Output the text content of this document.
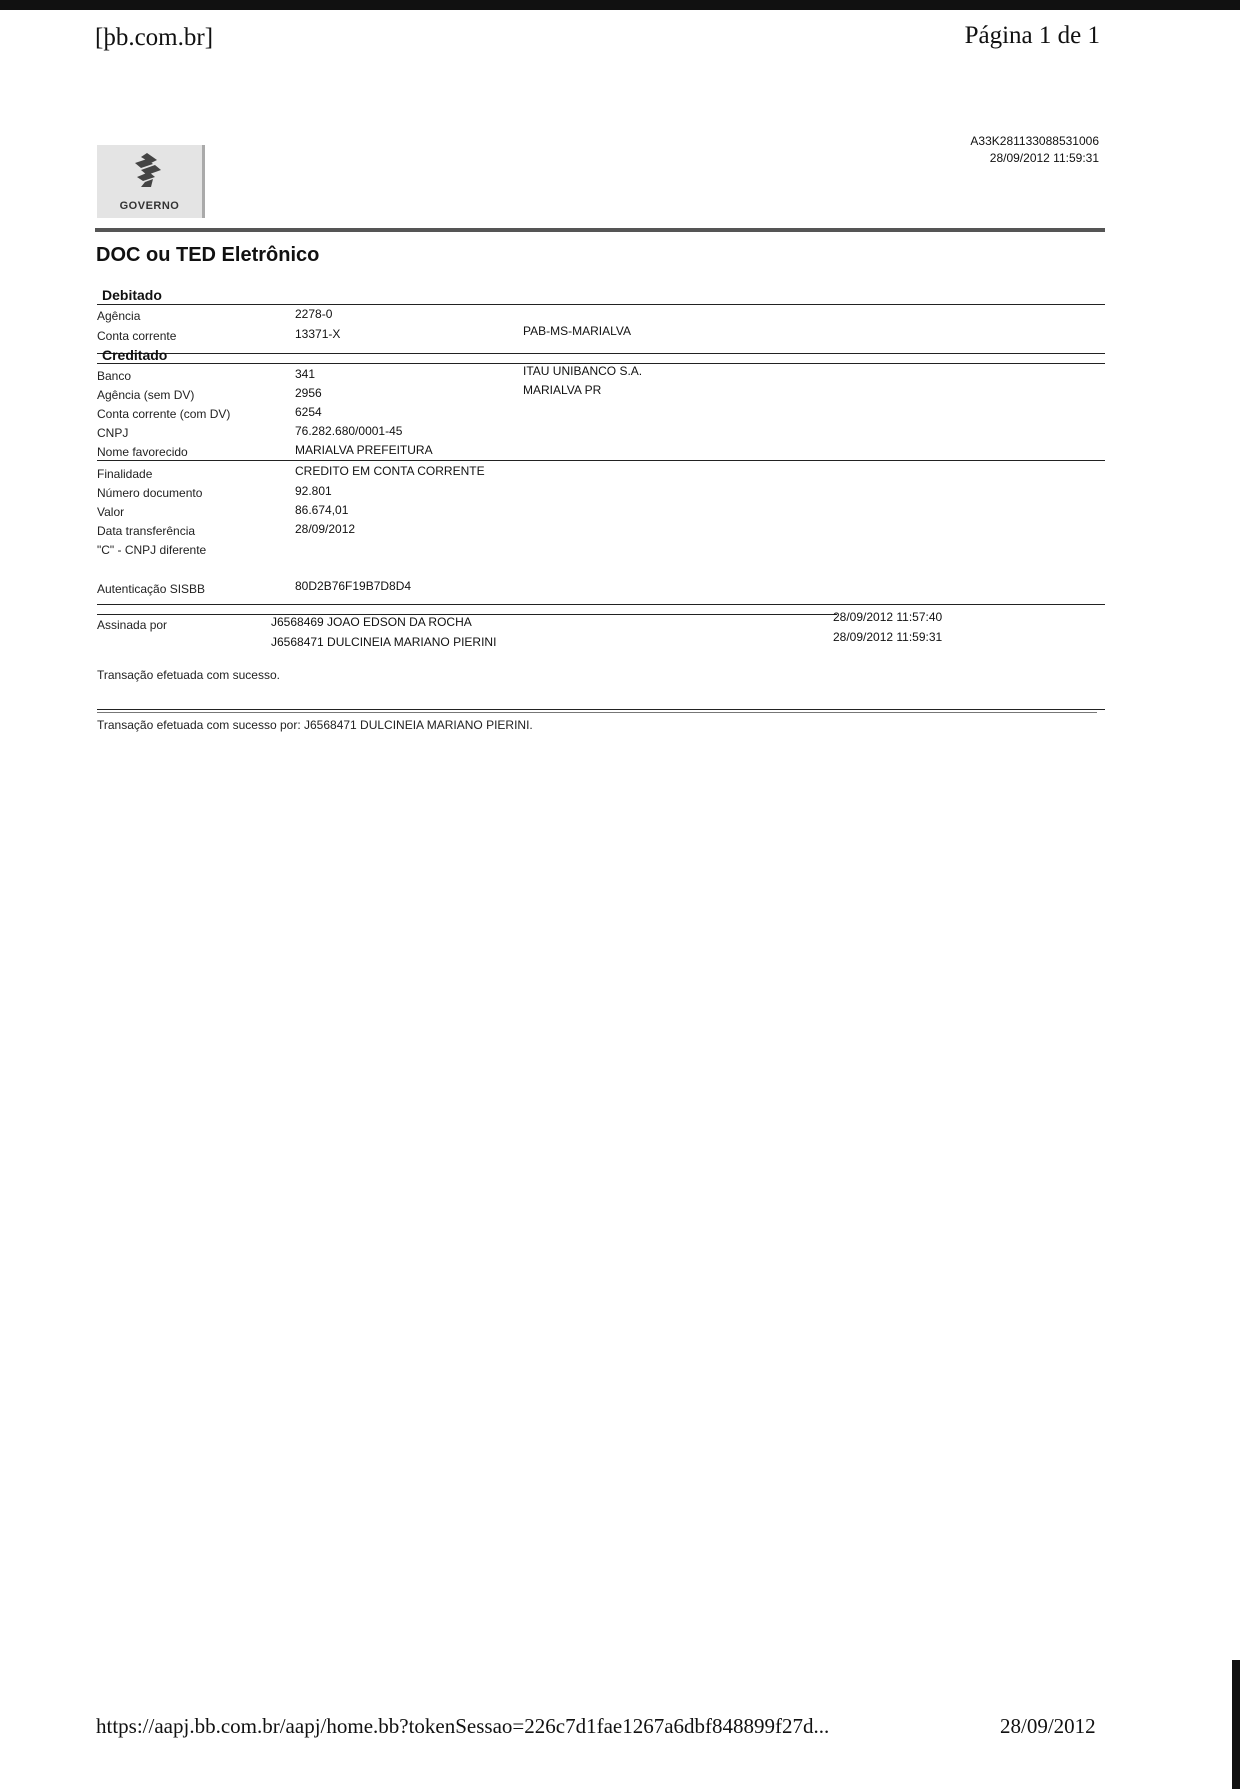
[þb.com.br]	Página 1 de 1
GOVERNO
A33K281133088531006
28/09/2012 11:59:31
DOC ou TED Eletrônico
Debitado
Agência	2278-0
Conta corrente	13371-X	PAB-MS-MARIALVA
Creditado
Banco	341	ITAU UNIBANCO S.A.
Agência (sem DV)	2956	MARIALVA PR
Conta corrente (com DV)	6254
CNPJ	76.282.680/0001-45
Nome favorecido	MARIALVA PREFEITURA
Finalidade	CREDITO EM CONTA CORRENTE
Número documento	92.801
Valor	86.674,01
Data transferência	28/09/2012
"C" - CNPJ diferente
Autenticação SISBB	80D2B76F19B7D8D4
Assinada por	J6568469 JOAO EDSON DA ROCHA	28/09/2012 11:57:40
J6568471 DULCINEIA MARIANO PIERINI	28/09/2012 11:59:31
Transação efetuada com sucesso.
Transação efetuada com sucesso por: J6568471 DULCINEIA MARIANO PIERINI.
https://aapj.bb.com.br/aapj/home.bb?tokenSessao=226c7d1fae1267a6dbf848899f27d...	28/09/2012
